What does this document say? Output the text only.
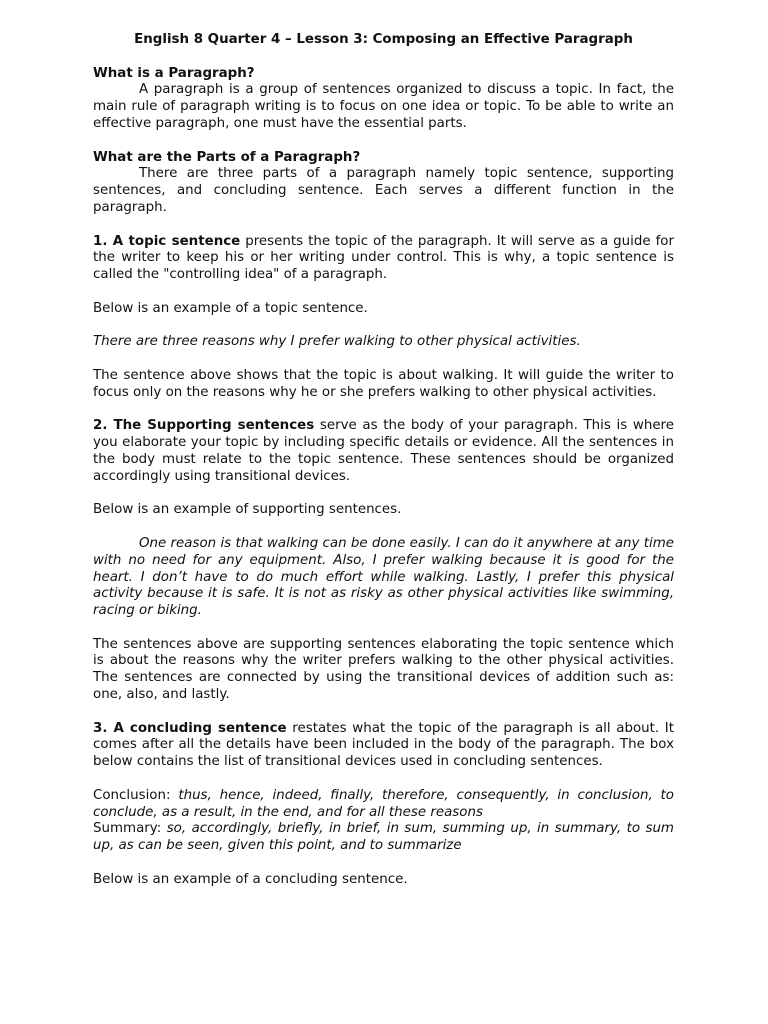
English 8 Quarter 4 – Lesson 3: Composing an Effective Paragraph

What is a Paragraph?

A paragraph is a group of sentences organized to discuss a topic. In fact, the main rule of paragraph writing is to focus on one idea or topic. To be able to write an effective paragraph, one must have the essential parts.

What are the Parts of a Paragraph?

There are three parts of a paragraph namely topic sentence, supporting sentences, and concluding sentence. Each serves a different function in the paragraph.

1. A topic sentence presents the topic of the paragraph. It will serve as a guide for the writer to keep his or her writing under control. This is why, a topic sentence is called the "controlling idea" of a paragraph.

Below is an example of a topic sentence.

There are three reasons why I prefer walking to other physical activities.

The sentence above shows that the topic is about walking. It will guide the writer to focus only on the reasons why he or she prefers walking to other physical activities.

2. The Supporting sentences serve as the body of your paragraph. This is where you elaborate your topic by including specific details or evidence. All the sentences in the body must relate to the topic sentence. These sentences should be organized accordingly using transitional devices.

Below is an example of supporting sentences.

One reason is that walking can be done easily. I can do it anywhere at any time with no need for any equipment. Also, I prefer walking because it is good for the heart. I don’t have to do much effort while walking. Lastly, I prefer this physical activity because it is safe. It is not as risky as other physical activities like swimming, racing or biking.

The sentences above are supporting sentences elaborating the topic sentence which is about the reasons why the writer prefers walking to the other physical activities. The sentences are connected by using the transitional devices of addition such as: one, also, and lastly.

3. A concluding sentence restates what the topic of the paragraph is all about. It comes after all the details have been included in the body of the paragraph. The box below contains the list of transitional devices used in concluding sentences.

Conclusion: thus, hence, indeed, finally, therefore, consequently, in conclusion, to conclude, as a result, in the end, and for all these reasons

Summary: so, accordingly, briefly, in brief, in sum, summing up, in summary, to sum up, as can be seen, given this point, and to summarize

Below is an example of a concluding sentence.
